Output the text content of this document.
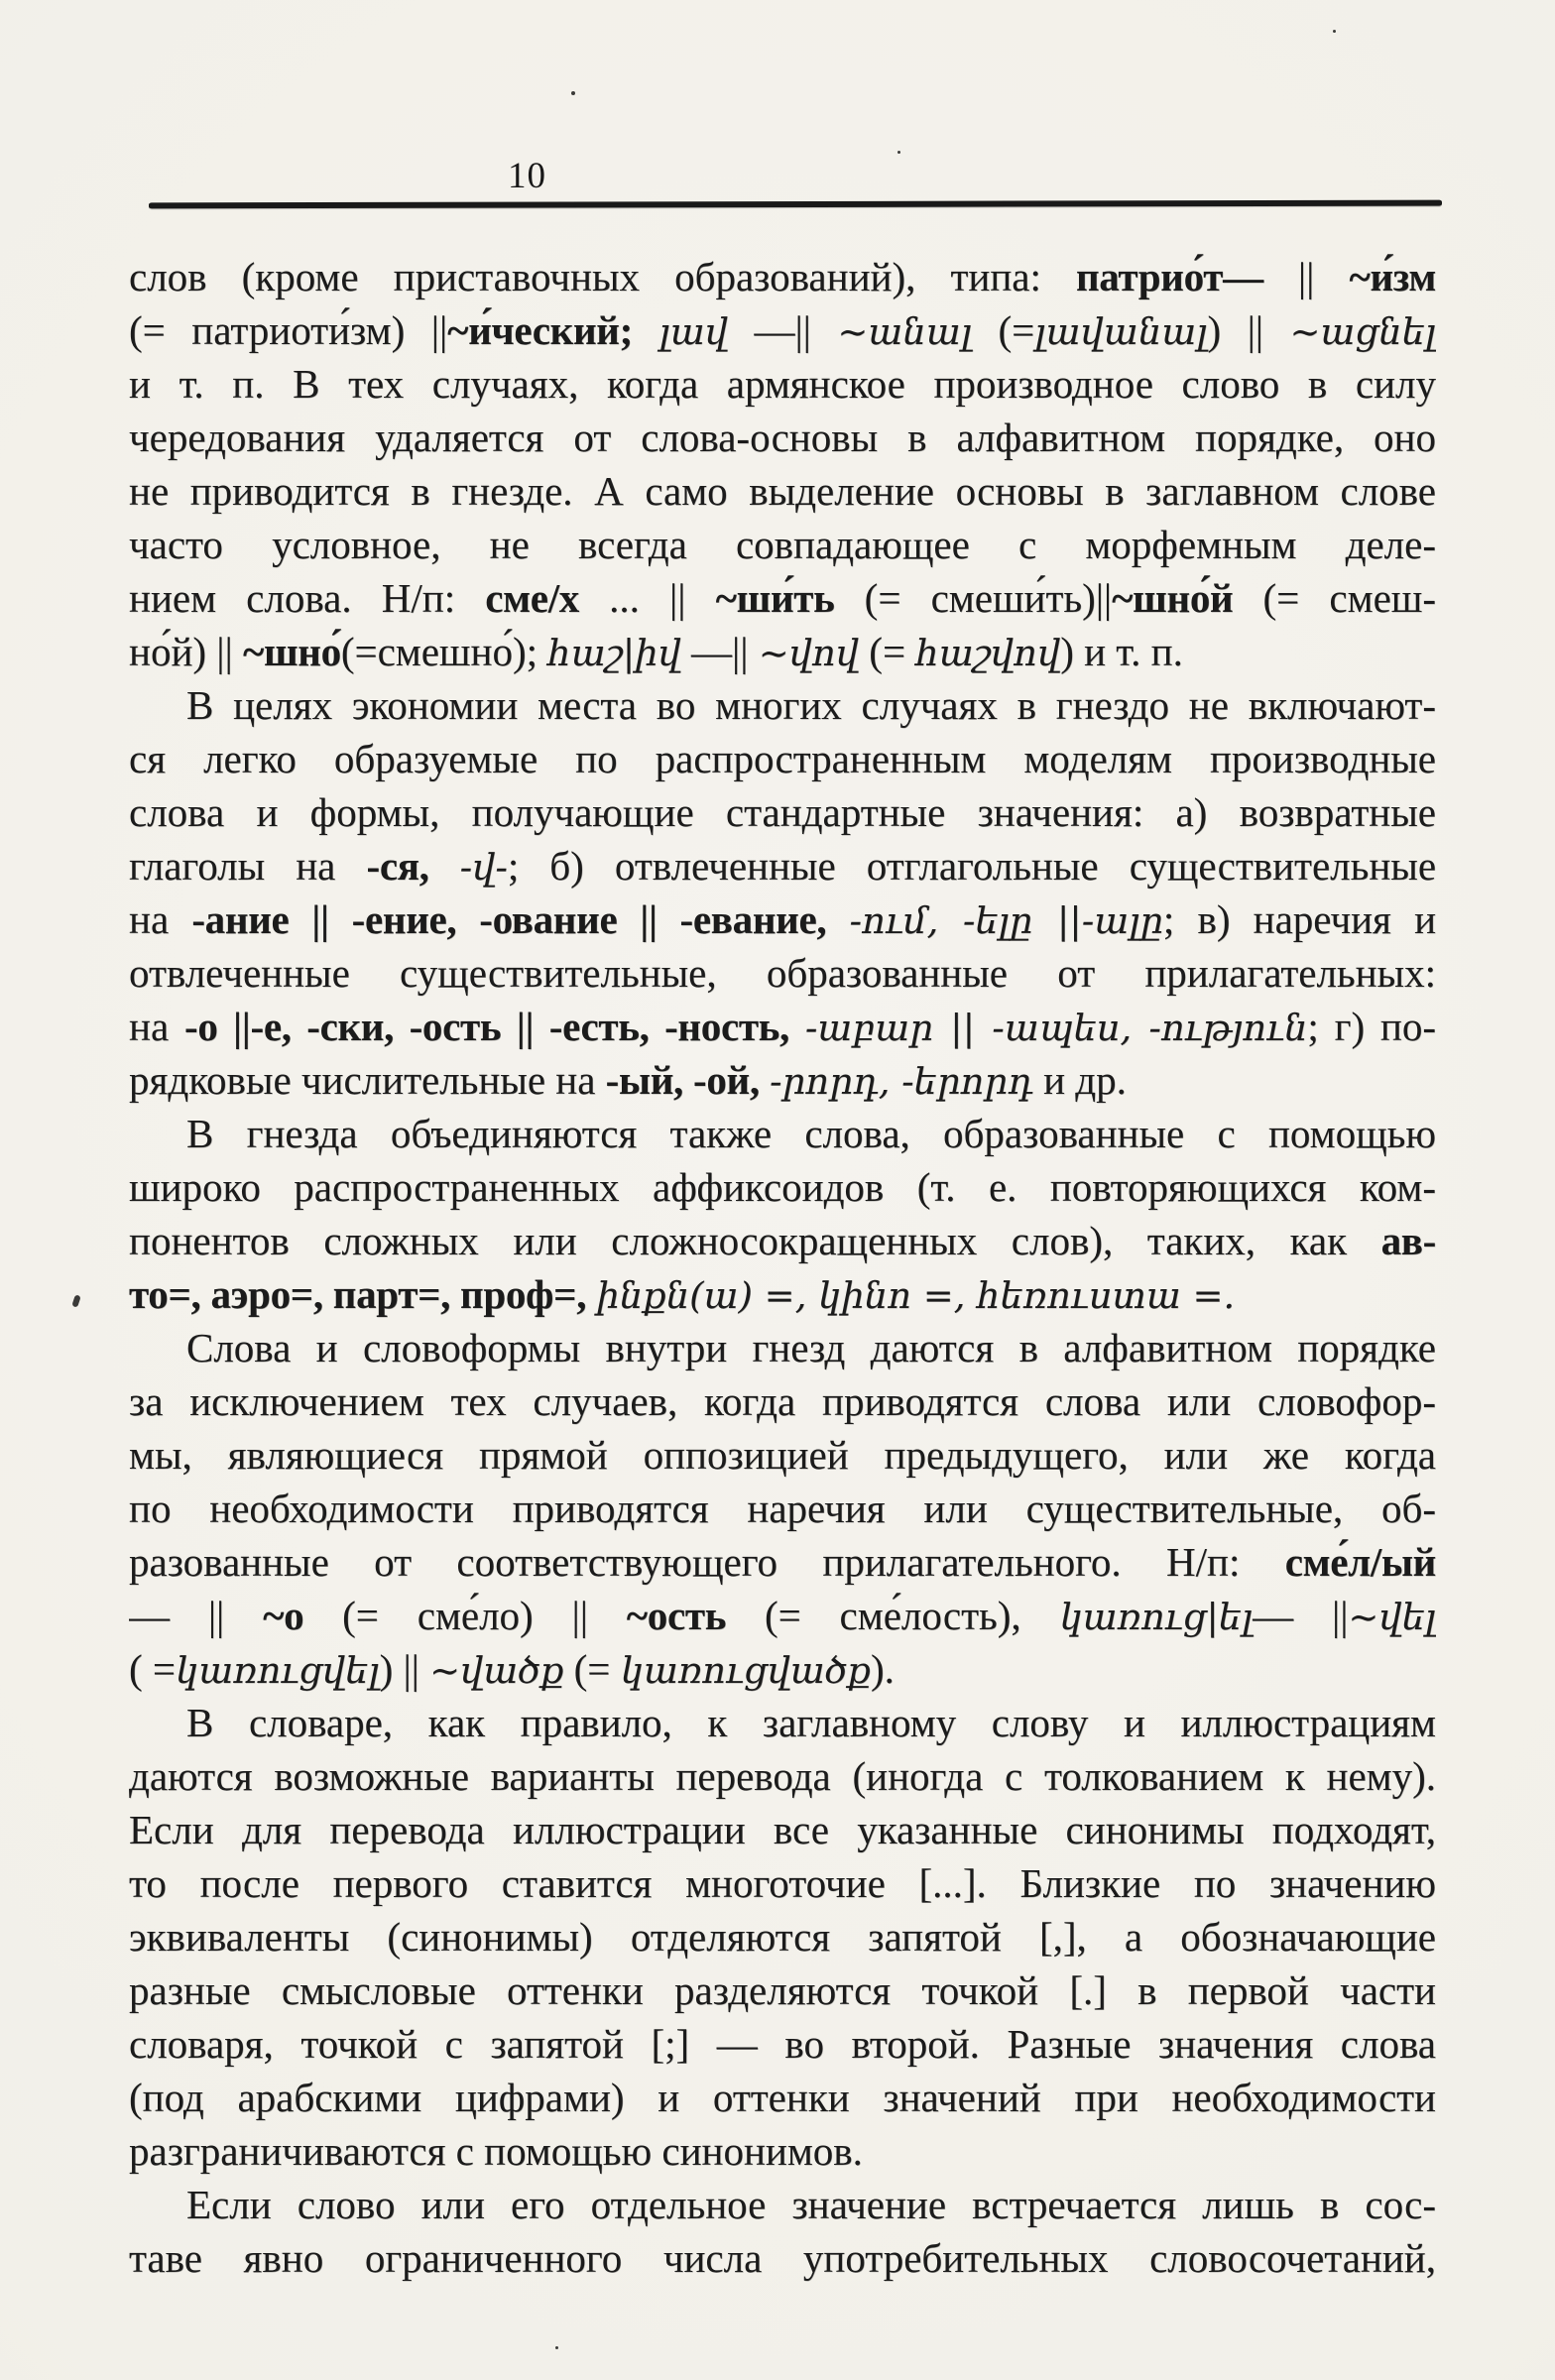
10
слов (кроме приставочных образований), типа: патрио́т— || ~и́зм
(= патриоти́зм) ||~и́ческий; լավ —|| ~անալ (=լավանալ) || ~ացնել
и т. п. В тех случаях, когда армянское производное слово в силу
чередования удаляется от слова-основы в алфавитном порядке, оно
не приводится в гнезде. А само выделение основы в заглавном слове
часто условное, не всегда совпадающее с морфемным деле-
нием слова. Н/п: сме/х ... || ~ши́ть (= смеши́ть)||~шно́й (= смеш-
но́й) || ~шно́(=смешно́); հաշ|իվ —|| ~վով (= հաշվով) и т. п.
В целях экономии места во многих случаях в гнездо не включают-
ся легко образуемые по распространенным моделям производные
слова и формы, получающие стандартные значения: а) возвратные
глаголы на -ся, -վ-; б) отвлеченные отглагольные существительные
на -ание || -ение, -ование || -евание, -ում, -ելը ||-ալը; в) наречия и
отвлеченные существительные, образованные от прилагательных:
на -о ||-е, -ски, -ость || -есть, -ность, -աբար || -ապես, -ություն; г) по-
рядковые числительные на -ый, -ой, -րորդ, -երորդ и др.
В гнезда объединяются также слова, образованные с помощью
широко распространенных аффиксоидов (т. е. повторяющихся ком-
понентов сложных или сложносокращенных слов), таких, как ав-
то=, аэро=, парт=, проф=, ինքն(ա) =, կինո =, հեռուստա =.
Слова и словоформы внутри гнезд даются в алфавитном порядке
за исключением тех случаев, когда приводятся слова или словофор-
мы, являющиеся прямой оппозицией предыдущего, или же когда
по необходимости приводятся наречия или существительные, об-
разованные от соответствующего прилагательного. Н/п: сме́л/ый
— || ~о (= сме́ло) || ~ость (= сме́лость), կառուց|ել— ||~վել
( =կառուցվել) || ~վածք (= կառուցվածք).
В словаре, как правило, к заглавному слову и иллюстрациям
даются возможные варианты перевода (иногда с толкованием к нему).
Если для перевода иллюстрации все указанные синонимы подходят,
то после первого ставится многоточие [...]. Близкие по значению
эквиваленты (синонимы) отделяются запятой [,], а обозначающие
разные смысловые оттенки разделяются точкой [.] в первой части
словаря, точкой с запятой [;] — во второй. Разные значения слова
(под арабскими цифрами) и оттенки значений при необходимости
разграничиваются с помощью синонимов.
Если слово или его отдельное значение встречается лишь в сос-
таве явно ограниченного числа употребительных словосочетаний,
